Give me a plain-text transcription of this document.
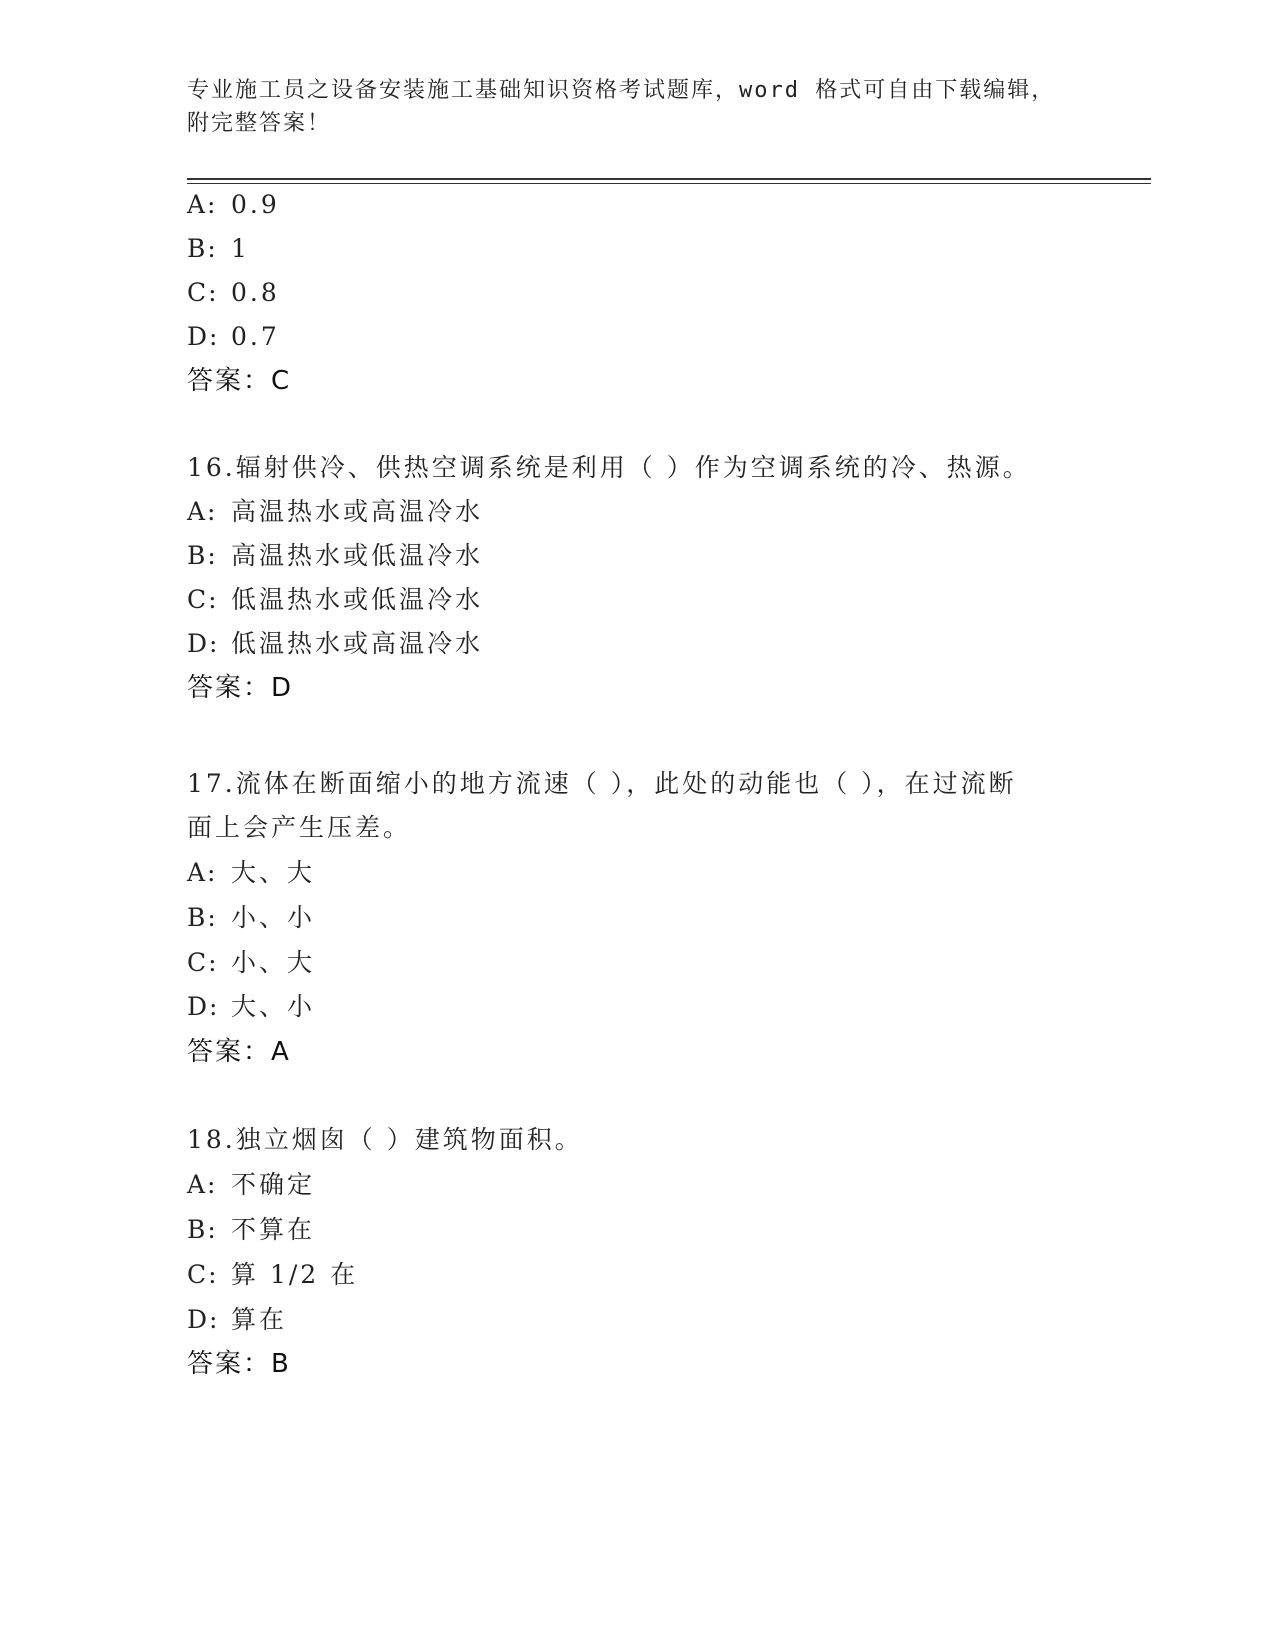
专业施工员之设备安装施工基础知识资格考试题库，word 格式可自由下载编辑，
附完整答案！
A: 0.9
B: 1
C: 0.8
D: 0.7
答案：C
16.辐射供冷、供热空调系统是利用（ ）作为空调系统的冷、热源。
A: 高温热水或高温冷水
B: 高温热水或低温冷水
C: 低温热水或低温冷水
D: 低温热水或高温冷水
答案：D
17.流体在断面缩小的地方流速（ ），此处的动能也（ ），在过流断
面上会产生压差。
A: 大、大
B: 小、小
C: 小、大
D: 大、小
答案：A
18.独立烟囱（ ）建筑物面积。
A: 不确定
B: 不算在
C: 算 1/2 在
D: 算在
答案：B
